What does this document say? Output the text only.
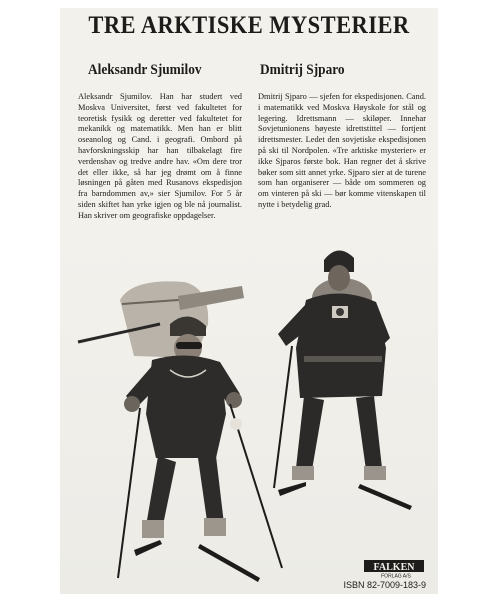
TRE ARKTISKE MYSTERIER
Aleksandr Sjumilov	Dmitrij Sjparo

Aleksandr Sjumilov. Han har studert ved Moskva Universitet, først ved fakultetet for teoretisk fysikk og deretter ved fakultetet for mekanikk og matematikk. Men han er blitt oseanolog og Cand. i geografi. Ombord på havforskningsskip har han tilbakelagt fire verdenshav og tredve andre hav. «Om dere tror det eller ikke, så har jeg drømt om å finne løsningen på gåten med Rusanovs ekspedisjon fra barndommen av,» sier Sjumilov. For 5 år siden skiftet han yrke igjen og ble nå journalist. Han skriver om geografiske oppdagelser.

Dmitrij Sjparo — sjefen for ekspedisjonen. Cand. i matematikk ved Moskva Høyskole for stål og legering. Idrettsmann — skiløper. Innehar Sovjetunionens høyeste idrettstittel — fortjent idrettsmester. Ledet den sovjetiske ekspedisjonen på ski til Nordpolen. «Tre arktiske mysterier» er ikke Sjparos første bok. Han regner det å skrive bøker som sitt annet yrke. Sjparo sier at de turene som han organiserer — både om sommeren og om vinteren på ski — bør komme vitenskapen til nytte i betydelig grad.

FALKEN
FORLAG A/S
ISBN 82-7009-183-9
